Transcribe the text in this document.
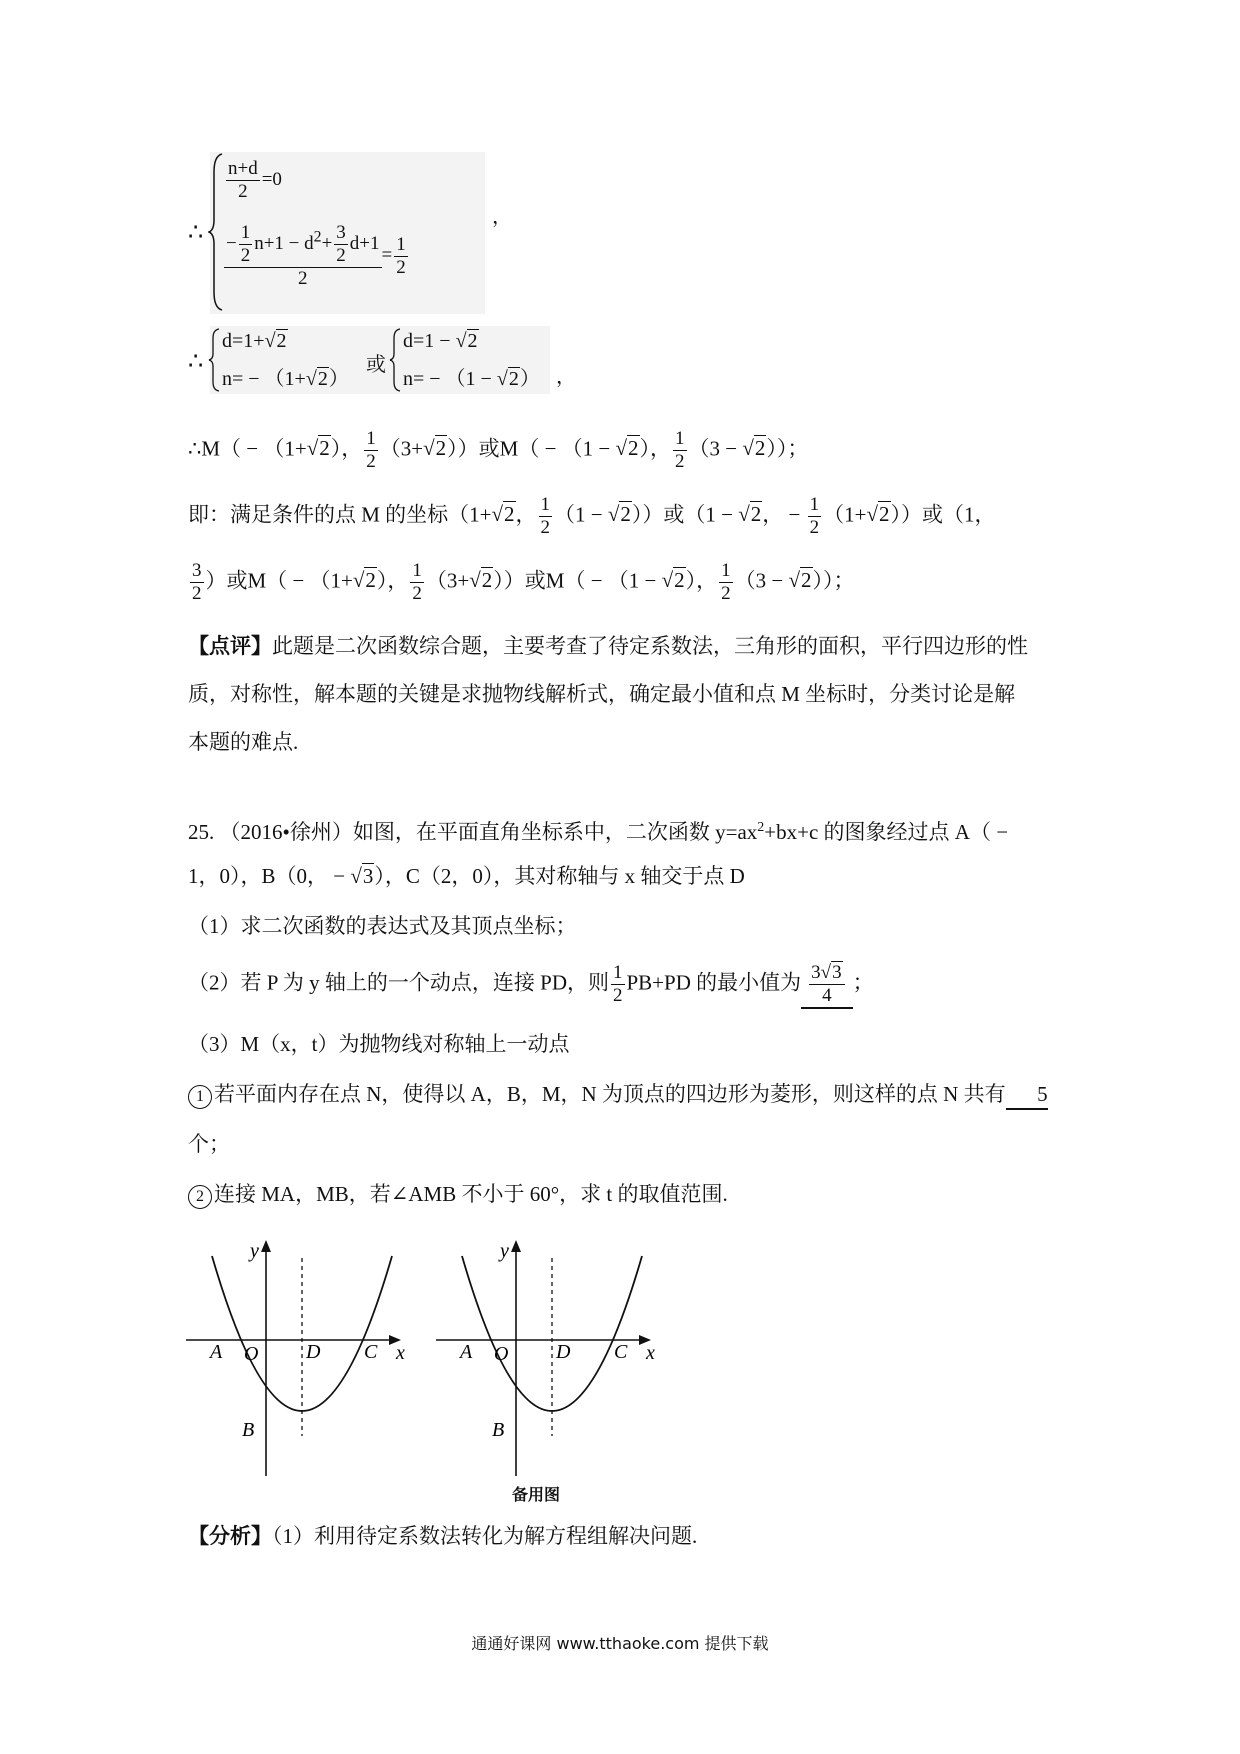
∴
$\frac{n+d}{2} =0$
$\frac{- \frac{1}{2} n+1 - d^2+ \frac{3}{2} d+1}{2} = \frac{1}{2}$
，
∴
d=1+√2
n= − （1+√2）
或
d=1 − √2
n= − （1 − √2） ，
∴M（ − （1+√2）， $\frac{1}{2} (3+√2)$）或M（ − （1 − √2）， $\frac{1}{2} (3 - √2)$）；
即：满足条件的点 M 的坐标（1+√2， $\frac{1}{2} (1 - √2)$）或（1 − √2， − $\frac{1}{2} (1+√2)$）或（1，
$\frac{3}{2}$ ）或M（ − （1+√2）， $\frac{1}{2} (3+√2)$）或M（ − （1 − √2）， $\frac{1}{2} (3 - √2)$）；
【点评】此题是二次函数综合题，主要考查了待定系数法，三角形的面积，平行四边形的性
质，对称性，解本题的关键是求抛物线解析式，确定最小值和点 M 坐标时，分类讨论是解
本题的难点.
25. （2016•徐州）如图，在平面直角坐标系中，二次函数 $y=ax^2+bx+c$ 的图象经过点 A（ −
1，0），B（0， − √3），C（2，0），其对称轴与 x 轴交于点 D
（1）求二次函数的表达式及其顶点坐标；
（2）若 P 为 y 轴上的一个动点，连接 PD，则 $\frac{1}{2} PB+PD$ 的最小值为 $\frac{3√3}{4}$ ；
（3）M（x，t）为抛物线对称轴上一动点
1 若平面内存在点 N，使得以 A，B，M，N 为顶点的四边形为菱形，则这样的点 N 共有 5
个；
2 连接 MA，MB，若∠AMB 不小于 60°，求 t 的取值范围.
y
x
A O D C
B
y
x
A O D C
B
备用图
【分析】（1）利用待定系数法转化为解方程组解决问题.
通通好课网 www.tthaoke.com 提供下载
